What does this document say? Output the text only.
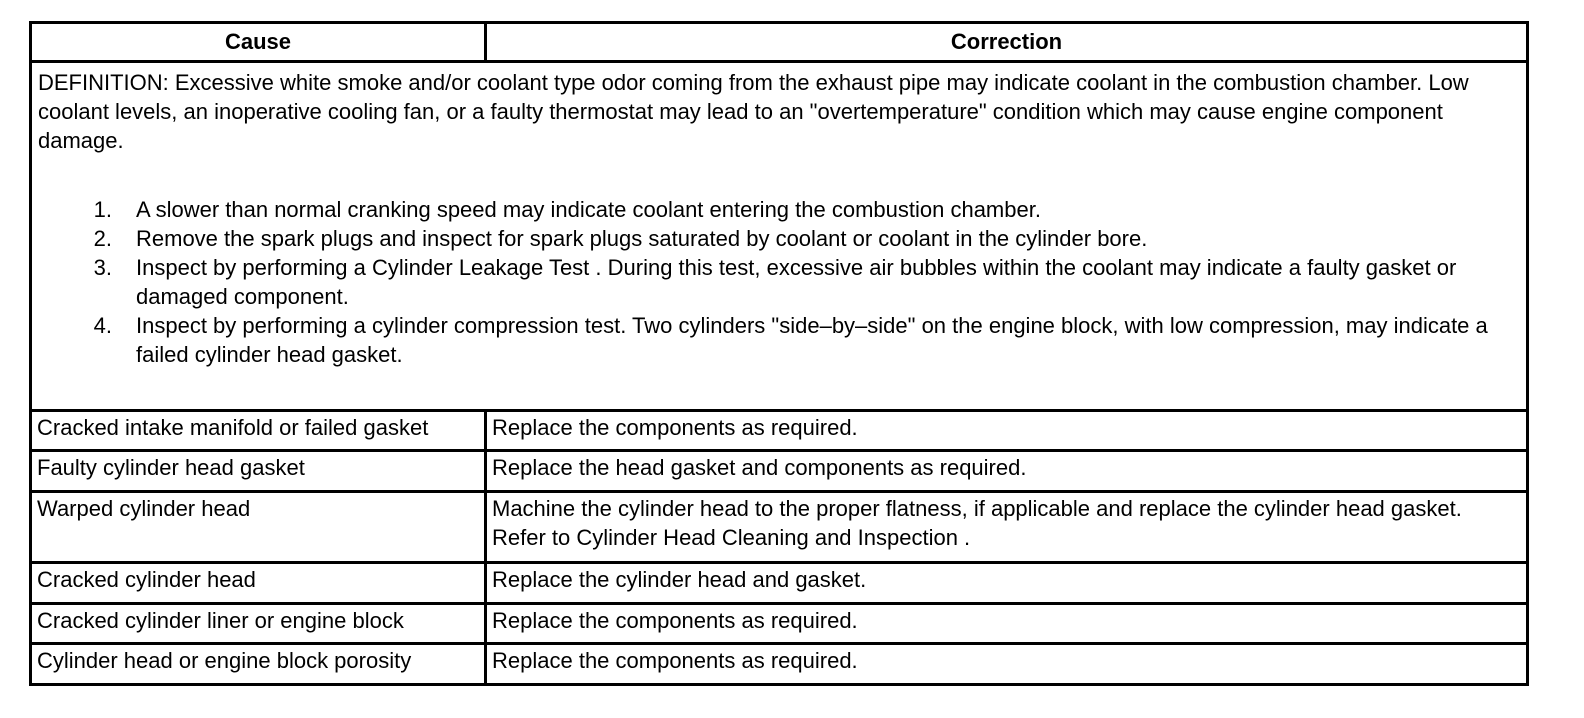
Cause	Correction

DEFINITION: Excessive white smoke and/or coolant type odor coming from the exhaust pipe may indicate coolant in the combustion chamber. Low coolant levels, an inoperative cooling fan, or a faulty thermostat may lead to an "overtemperature" condition which may cause engine component damage.

1.	A slower than normal cranking speed may indicate coolant entering the combustion chamber.
2.	Remove the spark plugs and inspect for spark plugs saturated by coolant or coolant in the cylinder bore.
3.	Inspect by performing a Cylinder Leakage Test . During this test, excessive air bubbles within the coolant may indicate a faulty gasket or damaged component.
4.	Inspect by performing a cylinder compression test. Two cylinders "side–by–side" on the engine block, with low compression, may indicate a failed cylinder head gasket.
Cracked intake manifold or failed gasket	Replace the components as required.
Faulty cylinder head gasket	Replace the head gasket and components as required.
Warped cylinder head	Machine the cylinder head to the proper flatness, if applicable and replace the cylinder head gasket. Refer to Cylinder Head Cleaning and Inspection .
Cracked cylinder head	Replace the cylinder head and gasket.
Cracked cylinder liner or engine block	Replace the components as required.
Cylinder head or engine block porosity	Replace the components as required.
